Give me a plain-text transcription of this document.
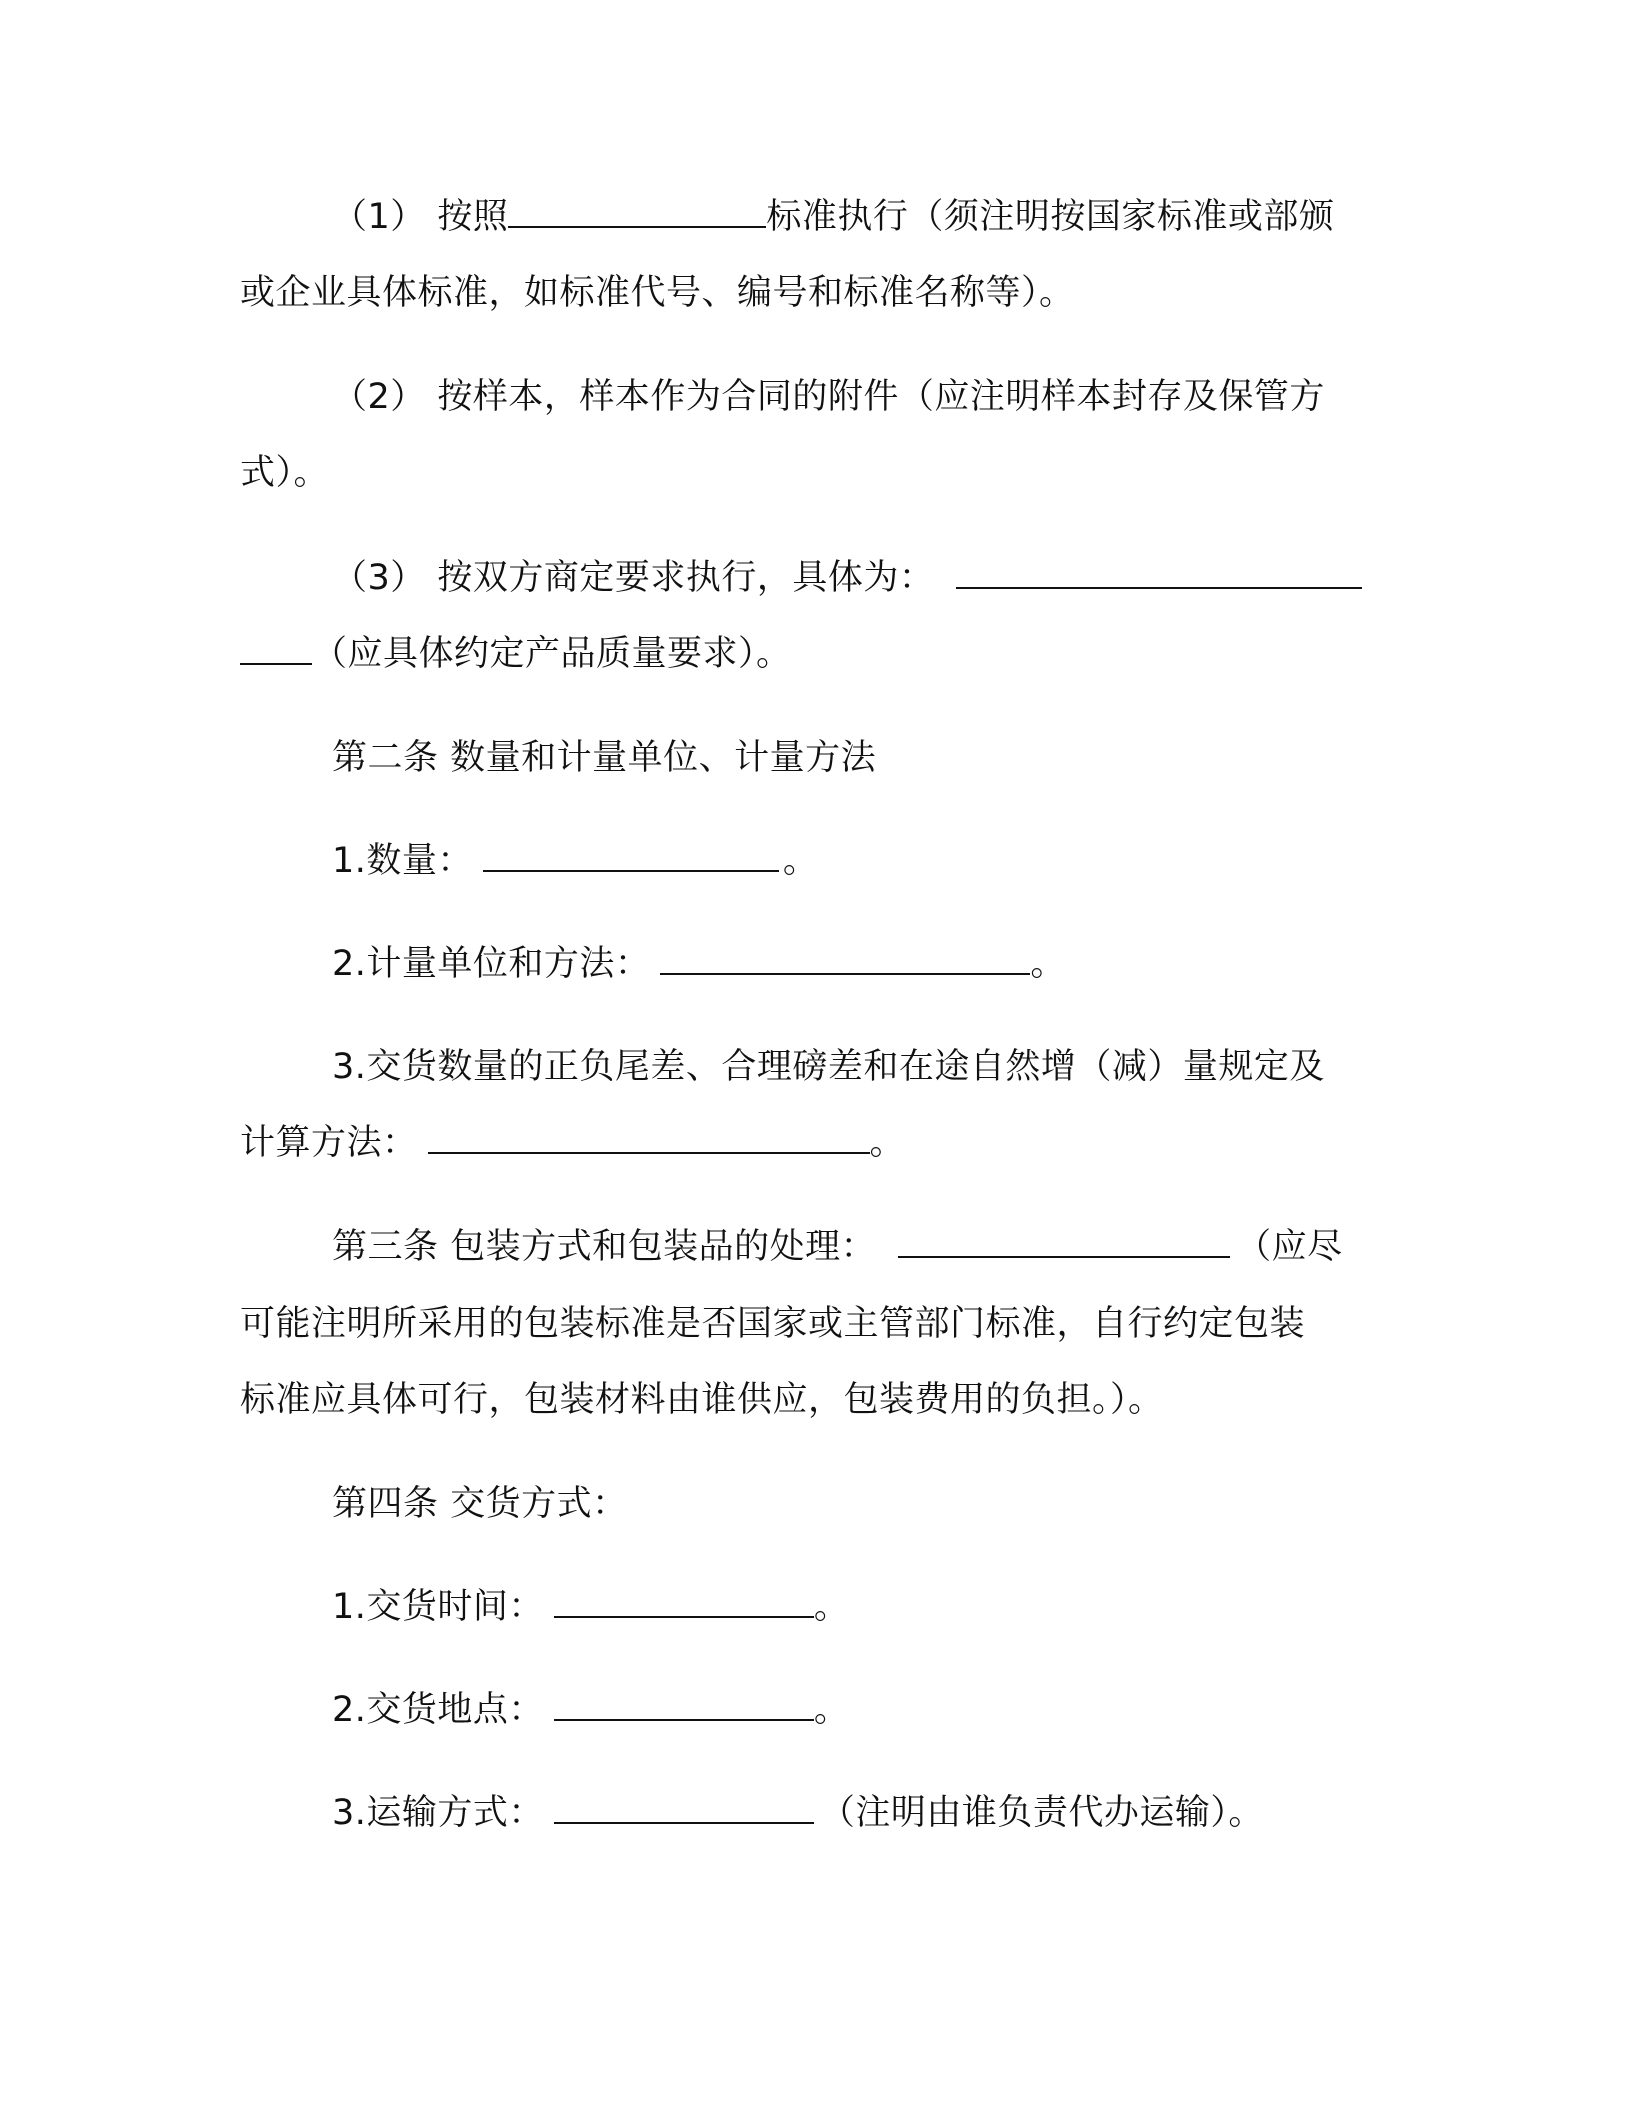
（1） 按照	标准执行（须注明按国家标准或部颁
或企业具体标准，如标准代号、编号和标准名称等）。
（2） 按样本，样本作为合同的附件（应注明样本封存及保管方
式）。
（3） 按双方商定要求执行，具体为：
（应具体约定产品质量要求）。
第二条 数量和计量单位、计量方法
1.数量：	。
2.计量单位和方法：	。
3.交货数量的正负尾差、合理磅差和在途自然增（减）量规定及
计算方法：	。
第三条 包装方式和包装品的处理：	（应尽
可能注明所采用的包装标准是否国家或主管部门标准，自行约定包装
标准应具体可行，包装材料由谁供应，包装费用的负担。）。
第四条 交货方式：
1.交货时间：	。
2.交货地点：	。
3.运输方式：	（注明由谁负责代办运输）。
